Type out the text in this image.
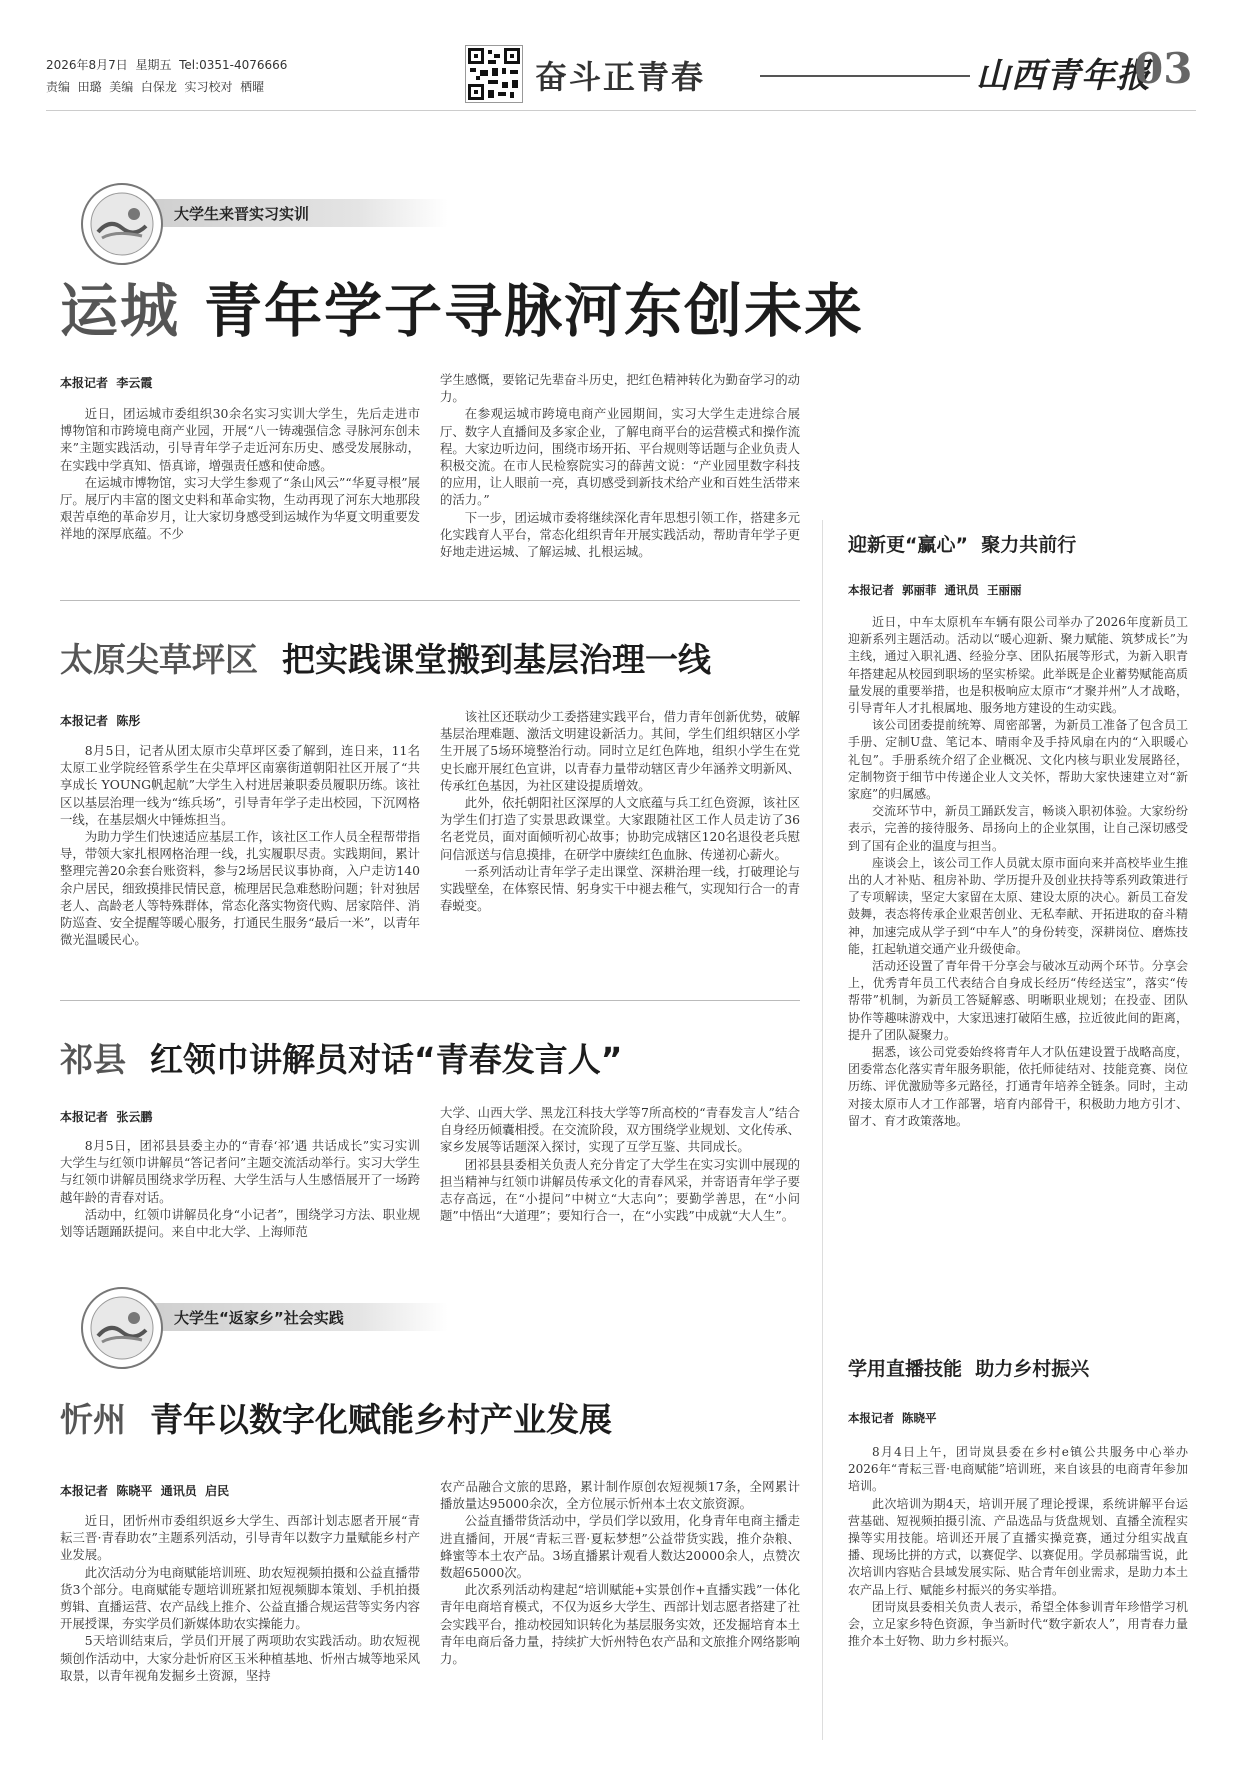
2026年8月7日  星期五  Tel:0351-4076666
责编  田璐  美编  白保龙  实习校对  栖曜	奋斗正青春	山西青年报
03
大学生来晋实习实训
运城 青年学子寻脉河东创未来
本报记者  李云霞

近日，团运城市委组织30余名实习实训大学生，先后走进市博物馆和市跨境电商产业园，开展“八一铸魂强信念 寻脉河东创未来”主题实践活动，引导青年学子走近河东历史、感受发展脉动，在实践中学真知、悟真谛，增强责任感和使命感。

在运城市博物馆，实习大学生参观了“条山风云”“华夏寻根”展厅。展厅内丰富的图文史料和革命实物，生动再现了河东大地那段艰苦卓绝的革命岁月，让大家切身感受到运城作为华夏文明重要发祥地的深厚底蕴。不少

学生感慨，要铭记先辈奋斗历史，把红色精神转化为勤奋学习的动力。

在参观运城市跨境电商产业园期间，实习大学生走进综合展厅、数字人直播间及多家企业，了解电商平台的运营模式和操作流程。大家边听边问，围绕市场开拓、平台规则等话题与企业负责人积极交流。在市人民检察院实习的薛茜文说：“产业园里数字科技的应用，让人眼前一亮，真切感受到新技术给产业和百姓生活带来的活力。”

下一步，团运城市委将继续深化青年思想引领工作，搭建多元化实践育人平台，常态化组织青年开展实践活动，帮助青年学子更好地走进运城、了解运城、扎根运城。

太原尖草坪区 把实践课堂搬到基层治理一线
本报记者  陈彤

8月5日，记者从团太原市尖草坪区委了解到，连日来，11名太原工业学院经管系学生在尖草坪区南寨街道朝阳社区开展了“共享成长 YOUNG帆起航”大学生入村进居兼职委员履职历练。该社区以基层治理一线为“练兵场”，引导青年学子走出校园，下沉网格一线，在基层烟火中锤炼担当。

为助力学生们快速适应基层工作，该社区工作人员全程帮带指导，带领大家扎根网格治理一线，扎实履职尽责。实践期间，累计整理完善20余套台账资料，参与2场居民议事协商，入户走访140余户居民，细致摸排民情民意，梳理居民急难愁盼问题；针对独居老人、高龄老人等特殊群体，常态化落实物资代购、居家陪伴、消防巡查、安全提醒等暖心服务，打通民生服务“最后一米”，以青年微光温暖民心。

该社区还联动少工委搭建实践平台，借力青年创新优势，破解基层治理难题、激活文明建设新活力。其间，学生们组织辖区小学生开展了5场环境整治行动。同时立足红色阵地，组织小学生在党史长廊开展红色宣讲，以青春力量带动辖区青少年涵养文明新风、传承红色基因，为社区建设提质增效。

此外，依托朝阳社区深厚的人文底蕴与兵工红色资源，该社区为学生们打造了实景思政课堂。大家跟随社区工作人员走访了36名老党员，面对面倾听初心故事；协助完成辖区120名退役老兵慰问信派送与信息摸排，在研学中赓续红色血脉、传递初心薪火。

一系列活动让青年学子走出课堂、深耕治理一线，打破理论与实践壁垒，在体察民情、躬身实干中褪去稚气，实现知行合一的青春蜕变。

祁县 红领巾讲解员对话“青春发言人”
本报记者  张云鹏

8月5日，团祁县县委主办的“青春‘祁’遇 共话成长”实习实训大学生与红领巾讲解员“答记者问”主题交流活动举行。实习大学生与红领巾讲解员围绕求学历程、大学生活与人生感悟展开了一场跨越年龄的青春对话。

活动中，红领巾讲解员化身“小记者”，围绕学习方法、职业规划等话题踊跃提问。来自中北大学、上海师范

大学、山西大学、黑龙江科技大学等7所高校的“青春发言人”结合自身经历倾囊相授。在交流阶段，双方围绕学业规划、文化传承、家乡发展等话题深入探讨，实现了互学互鉴、共同成长。

团祁县县委相关负责人充分肯定了大学生在实习实训中展现的担当精神与红领巾讲解员传承文化的青春风采，并寄语青年学子要志存高远，在“小提问”中树立“大志向”；要勤学善思，在“小问题”中悟出“大道理”；要知行合一，在“小实践”中成就“大人生”。

大学生“返家乡”社会实践
忻州 青年以数字化赋能乡村产业发展
本报记者  陈晓平  通讯员  启民

近日，团忻州市委组织返乡大学生、西部计划志愿者开展“青耘三晋·青春助农”主题系列活动，引导青年以数字力量赋能乡村产业发展。

此次活动分为电商赋能培训班、助农短视频拍摄和公益直播带货3个部分。电商赋能专题培训班紧扣短视频脚本策划、手机拍摄剪辑、直播运营、农产品线上推介、公益直播合规运营等实务内容开展授课，夯实学员们新媒体助农实操能力。

5天培训结束后，学员们开展了两项助农实践活动。助农短视频创作活动中，大家分赴忻府区玉米种植基地、忻州古城等地采风取景，以青年视角发掘乡土资源，坚持

农产品融合文旅的思路，累计制作原创农短视频17条，全网累计播放量达95000余次，全方位展示忻州本土农文旅资源。

公益直播带货活动中，学员们学以致用，化身青年电商主播走进直播间，开展“青耘三晋·夏耘梦想”公益带货实践，推介杂粮、蜂蜜等本土农产品。3场直播累计观看人数达20000余人，点赞次数超65000次。

此次系列活动构建起“培训赋能+实景创作+直播实践”一体化青年电商培育模式，不仅为返乡大学生、西部计划志愿者搭建了社会实践平台，推动校园知识转化为基层服务实效，还发掘培育本土青年电商后备力量，持续扩大忻州特色农产品和文旅推介网络影响力。

迎新更“赢心”  聚力共前行
本报记者  郭丽菲  通讯员  王丽丽

近日，中车太原机车车辆有限公司举办了2026年度新员工迎新系列主题活动。活动以“暖心迎新、聚力赋能、筑梦成长”为主线，通过入职礼遇、经验分享、团队拓展等形式，为新入职青年搭建起从校园到职场的坚实桥梁。此举既是企业蓄势赋能高质量发展的重要举措，也是积极响应太原市“才聚并州”人才战略，引导青年人才扎根属地、服务地方建设的生动实践。

该公司团委提前统筹、周密部署，为新员工准备了包含员工手册、定制U盘、笔记本、晴雨伞及手持风扇在内的“入职暖心礼包”。手册系统介绍了企业概况、文化内核与职业发展路径，定制物资于细节中传递企业人文关怀，帮助大家快速建立对“新家庭”的归属感。

交流环节中，新员工踊跃发言，畅谈入职初体验。大家纷纷表示，完善的接待服务、昂扬向上的企业氛围，让自己深切感受到了国有企业的温度与担当。

座谈会上，该公司工作人员就太原市面向来并高校毕业生推出的人才补贴、租房补助、学历提升及创业扶持等系列政策进行了专项解读，坚定大家留在太原、建设太原的决心。新员工奋发鼓舞，表态将传承企业艰苦创业、无私奉献、开拓进取的奋斗精神，加速完成从学子到“中车人”的身份转变，深耕岗位、磨炼技能，扛起轨道交通产业升级使命。

活动还设置了青年骨干分享会与破冰互动两个环节。分享会上，优秀青年员工代表结合自身成长经历“传经送宝”，落实“传帮带”机制，为新员工答疑解惑、明晰职业规划；在投壶、团队协作等趣味游戏中，大家迅速打破陌生感，拉近彼此间的距离，提升了团队凝聚力。

据悉，该公司党委始终将青年人才队伍建设置于战略高度，团委常态化落实青年服务职能，依托师徒结对、技能竞赛、岗位历练、评优激励等多元路径，打通青年培养全链条。同时，主动对接太原市人才工作部署，培育内部骨干，积极助力地方引才、留才、育才政策落地。

学用直播技能  助力乡村振兴
本报记者  陈晓平

8月4日上午，团岢岚县委在乡村e镇公共服务中心举办2026年“青耘三晋·电商赋能”培训班，来自该县的电商青年参加培训。

此次培训为期4天，培训开展了理论授课，系统讲解平台运营基础、短视频拍摄引流、产品选品与货盘规划、直播全流程实操等实用技能。培训还开展了直播实操竞赛，通过分组实战直播、现场比拼的方式，以赛促学、以赛促用。学员郝瑞雪说，此次培训内容贴合县域发展实际、贴合青年创业需求，是助力本土农产品上行、赋能乡村振兴的务实举措。

团岢岚县委相关负责人表示，希望全体参训青年珍惜学习机会，立足家乡特色资源，争当新时代“数字新农人”，用青春力量推介本土好物、助力乡村振兴。
